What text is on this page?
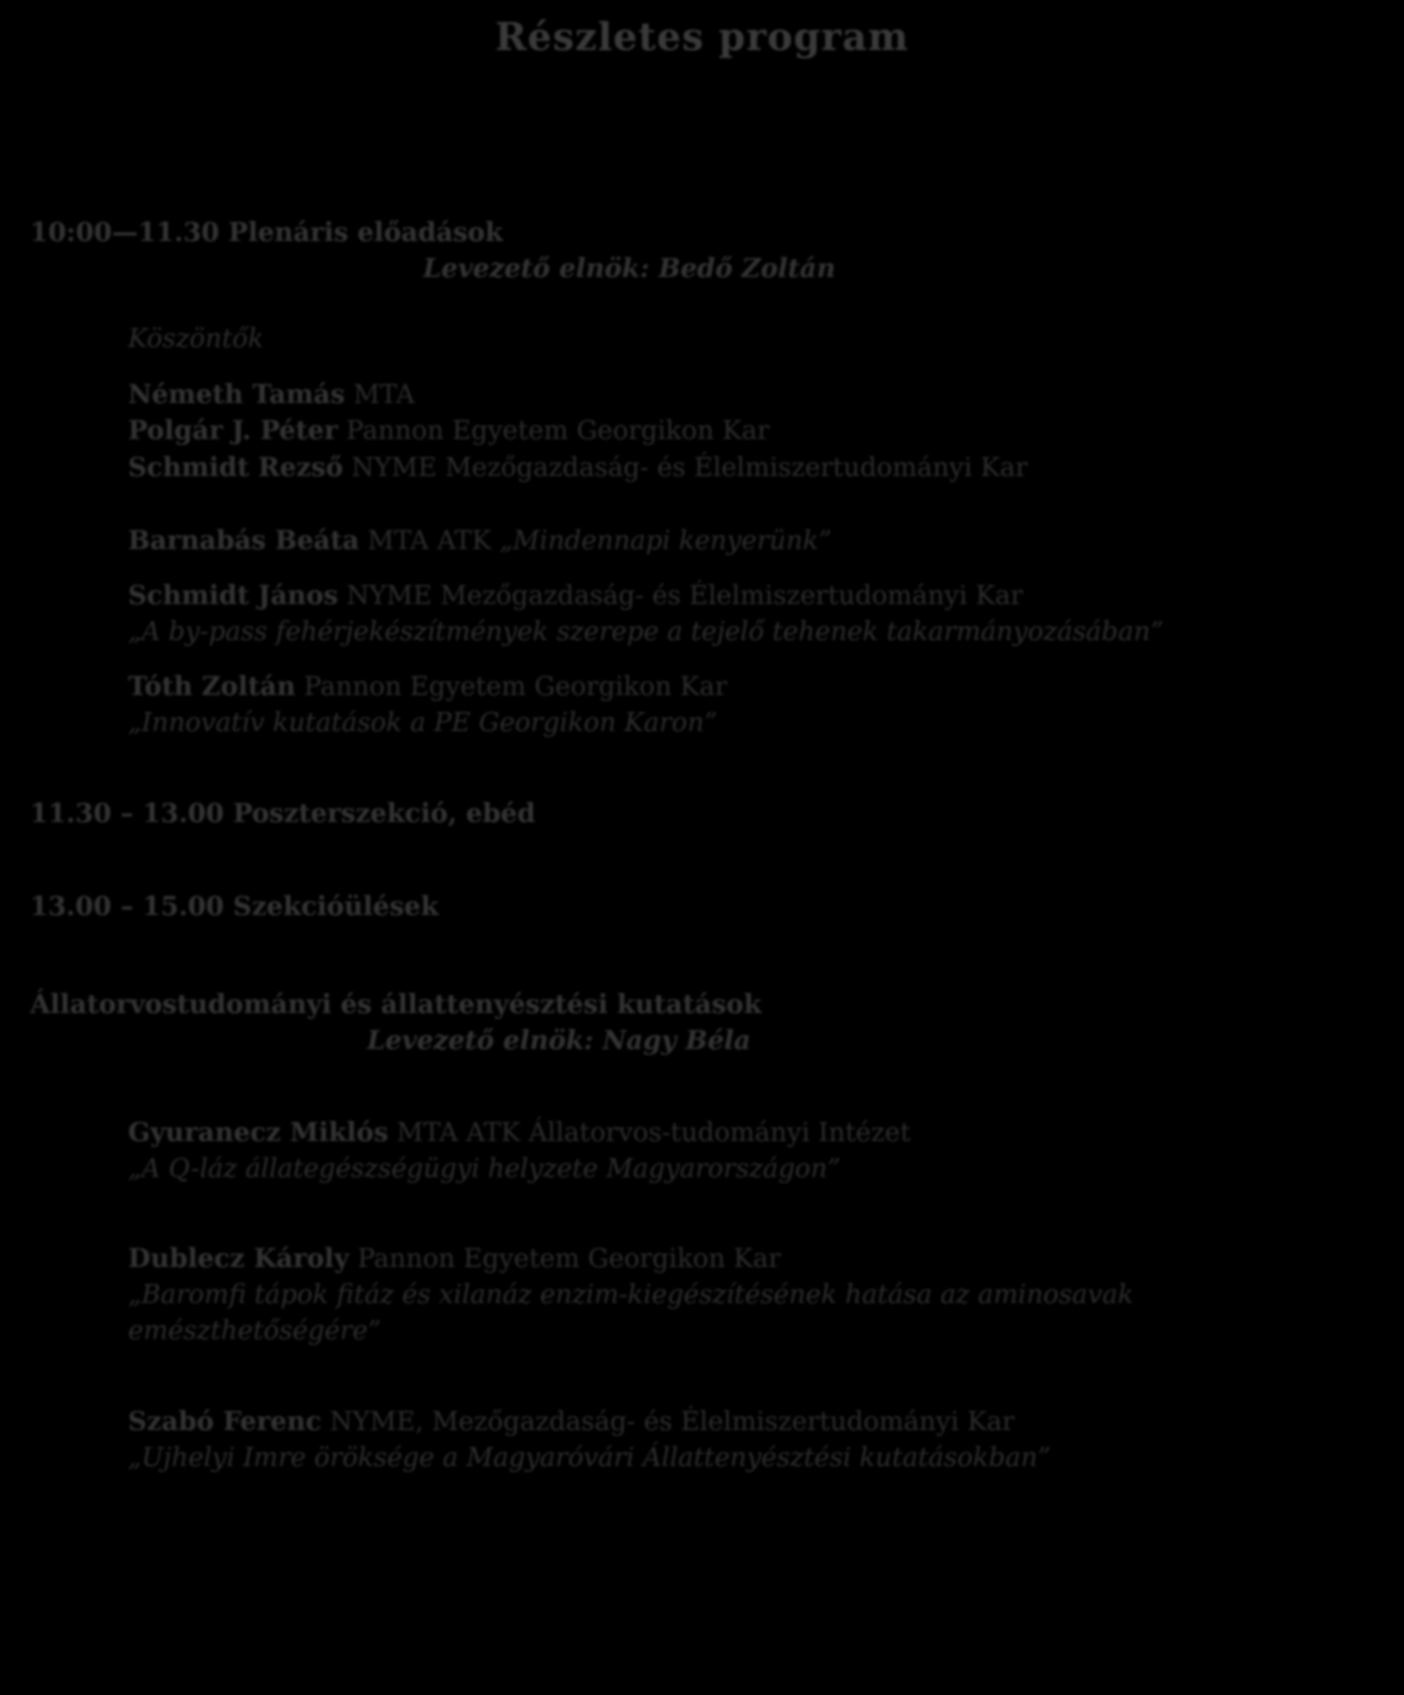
Részletes program
10:00—11.30 Plenáris előadások
Levezető elnök: Bedő Zoltán
Köszöntők
Németh Tamás MTA
Polgár J. Péter Pannon Egyetem Georgikon Kar
Schmidt Rezső NYME Mezőgazdaság- és Élelmiszertudományi Kar
Barnabás Beáta MTA ATK „Mindennapi kenyerünk”
Schmidt János NYME Mezőgazdaság- és Élelmiszertudományi Kar
„A by-pass fehérjekészítmények szerepe a tejelő tehenek takarmányozásában”
Tóth Zoltán Pannon Egyetem Georgikon Kar
„Innovatív kutatások a PE Georgikon Karon”
11.30 – 13.00 Poszterszekció, ebéd
13.00 – 15.00 Szekcióülések
Állatorvostudományi és állattenyésztési kutatások
Levezető elnök: Nagy Béla
Gyuranecz Miklós MTA ATK Állatorvos-tudományi Intézet
„A Q-láz állategészségügyi helyzete Magyarországon”
Dublecz Károly Pannon Egyetem Georgikon Kar
„Baromfi tápok fitáz és xilanáz enzim-kiegészítésének hatása az aminosavak
emészthetőségére”
Szabó Ferenc NYME, Mezőgazdaság- és Élelmiszertudományi Kar
„Ujhelyi Imre öröksége a Magyaróvári Állattenyésztési kutatásokban”
